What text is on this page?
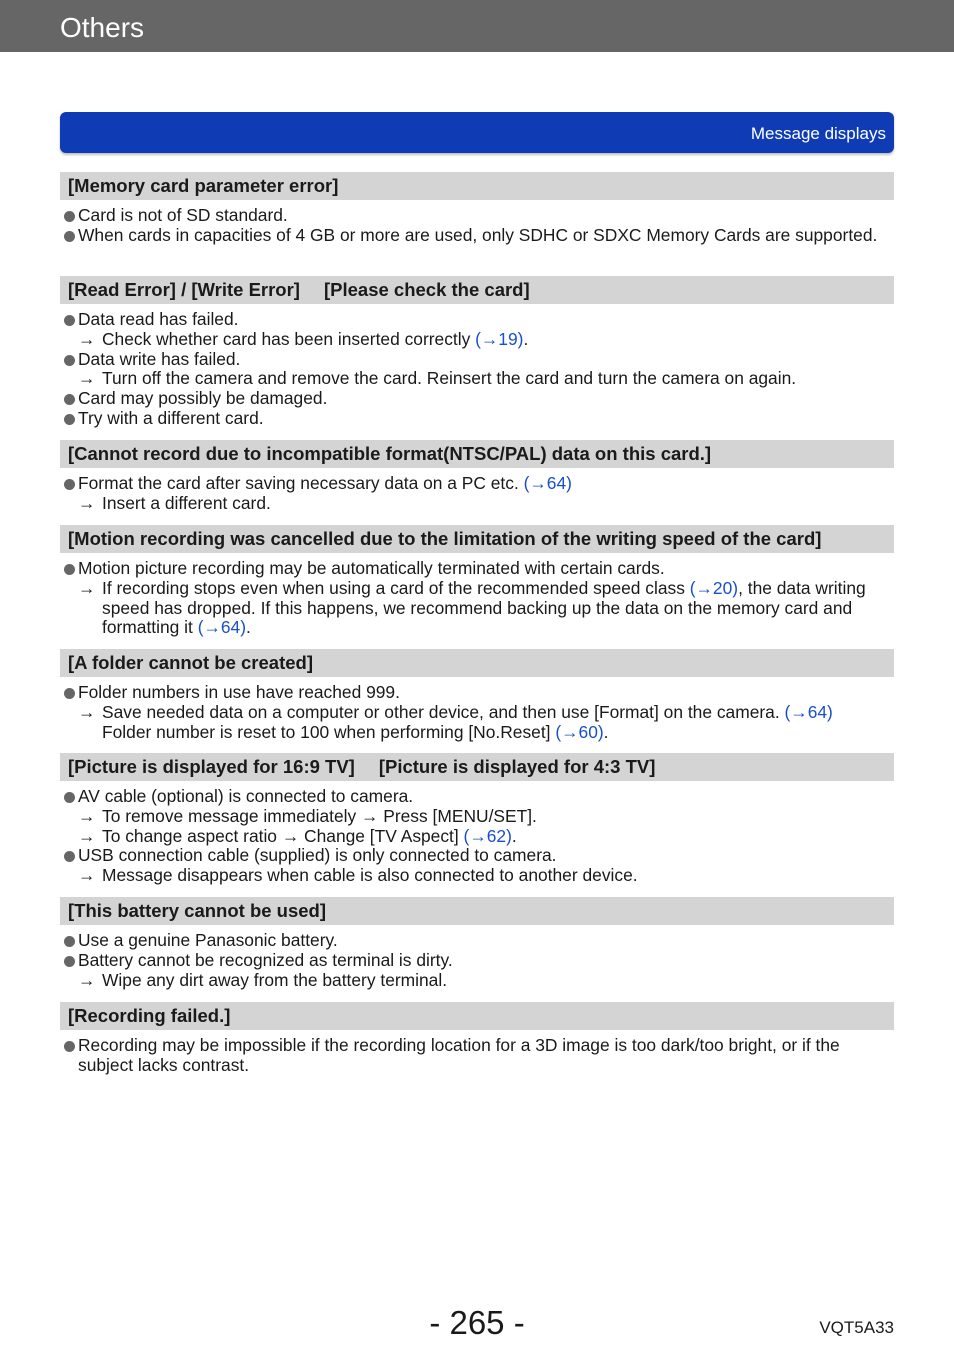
Others
Message displays
[Memory card parameter error]
Card is not of SD standard.
When cards in capacities of 4 GB or more are used, only SDHC or SDXC Memory Cards are supported.
[Read Error] / [Write Error] [Please check the card]
Data read has failed.
→ Check whether card has been inserted correctly (→19).
Data write has failed.
→ Turn off the camera and remove the card. Reinsert the card and turn the camera on again.
Card may possibly be damaged.
Try with a different card.
[Cannot record due to incompatible format(NTSC/PAL) data on this card.]
Format the card after saving necessary data on a PC etc. (→64)
→ Insert a different card.
[Motion recording was cancelled due to the limitation of the writing speed of the card]
Motion picture recording may be automatically terminated with certain cards.
→ If recording stops even when using a card of the recommended speed class (→20), the data writing speed has dropped. If this happens, we recommend backing up the data on the memory card and formatting it (→64).
[A folder cannot be created]
Folder numbers in use have reached 999.
→ Save needed data on a computer or other device, and then use [Format] on the camera. (→64)
Folder number is reset to 100 when performing [No.Reset] (→60).
[Picture is displayed for 16:9 TV] [Picture is displayed for 4:3 TV]
AV cable (optional) is connected to camera.
→ To remove message immediately → Press [MENU/SET].
→ To change aspect ratio → Change [TV Aspect] (→62).
USB connection cable (supplied) is only connected to camera.
→ Message disappears when cable is also connected to another device.
[This battery cannot be used]
Use a genuine Panasonic battery.
Battery cannot be recognized as terminal is dirty.
→ Wipe any dirt away from the battery terminal.
[Recording failed.]
Recording may be impossible if the recording location for a 3D image is too dark/too bright, or if the subject lacks contrast.
- 265 -	VQT5A33
